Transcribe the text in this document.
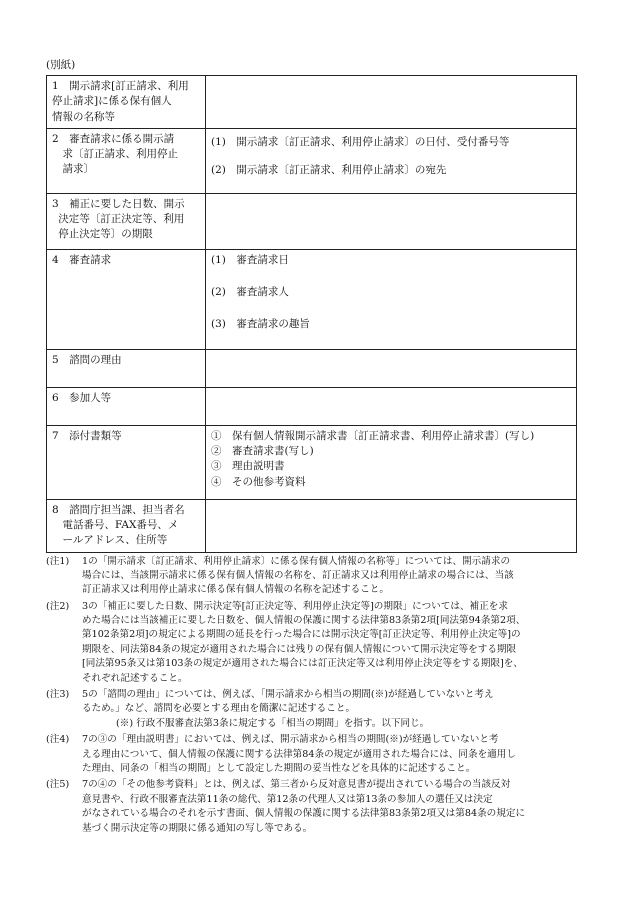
(別紙)
1　開示請求[訂正請求、利用
停止請求]に係る保有個人
情報の名称等	

2　審査請求に係る開示請
求〔訂正請求、利用停止
請求〕	(1)　開示請求〔訂正請求、利用停止請求〕の日付、受付番号等
(2)　開示請求〔訂正請求、利用停止請求〕の宛先

3　補正に要した日数、開示
決定等〔訂正決定等、利用
停止決定等〕の期限	

4　審査請求	(1)　審査請求日
(2)　審査請求人
(3)　審査請求の趣旨

5　諮問の理由	

6　参加人等	

7　添付書類等	①　保有個人情報開示請求書〔訂正請求書、利用停止請求書〕(写し)
②　審査請求書(写し)
③　理由説明書
④　その他参考資料

8　諮問庁担当課、担当者名
電話番号、FAX番号、メ
ールアドレス、住所等	

(注1)	1の「開示請求〔訂正請求、利用停止請求〕に係る保有個人情報の名称等」については、開示請求の
場合には、当該開示請求に係る保有個人情報の名称を、訂正請求又は利用停止請求の場合には、当該
訂正請求又は利用停止請求に係る保有個人情報の名称を記述すること。
(注2)	3の「補正に要した日数、開示決定等[訂正決定等、利用停止決定等]の期限」については、補正を求
めた場合には当該補正に要した日数を、個人情報の保護に関する法律第83条第2項[同法第94条第2項、
第102条第2項]の規定による期間の延長を行った場合には開示決定等[訂正決定等、利用停止決定等]の
期限を、同法第84条の規定が適用された場合には残りの保有個人情報について開示決定等をする期限
[同法第95条又は第103条の規定が適用された場合には訂正決定等又は利用停止決定等をする期限]を、
それぞれ記述すること。
(注3)	5の「諮問の理由」については、例えば、「開示請求から相当の期間(※)が経過していないと考え
るため。」など、諮問を必要とする理由を簡潔に記述すること。
(※) 行政不服審査法第3条に規定する「相当の期間」を指す。以下同じ。
(注4)	7の③の「理由説明書」においては、例えば、開示請求から相当の期間(※)が経過していないと考
える理由について、個人情報の保護に関する法律第84条の規定が適用された場合には、同条を適用し
た理由、同条の「相当の期間」として設定した期間の妥当性などを具体的に記述すること。
(注5)	7の④の「その他参考資料」とは、例えば、第三者から反対意見書が提出されている場合の当該反対
意見書や、行政不服審査法第11条の総代、第12条の代理人又は第13条の参加人の選任又は決定
がなされている場合のそれを示す書面、個人情報の保護に関する法律第83条第2項又は第84条の規定に
基づく開示決定等の期限に係る通知の写し等である。
